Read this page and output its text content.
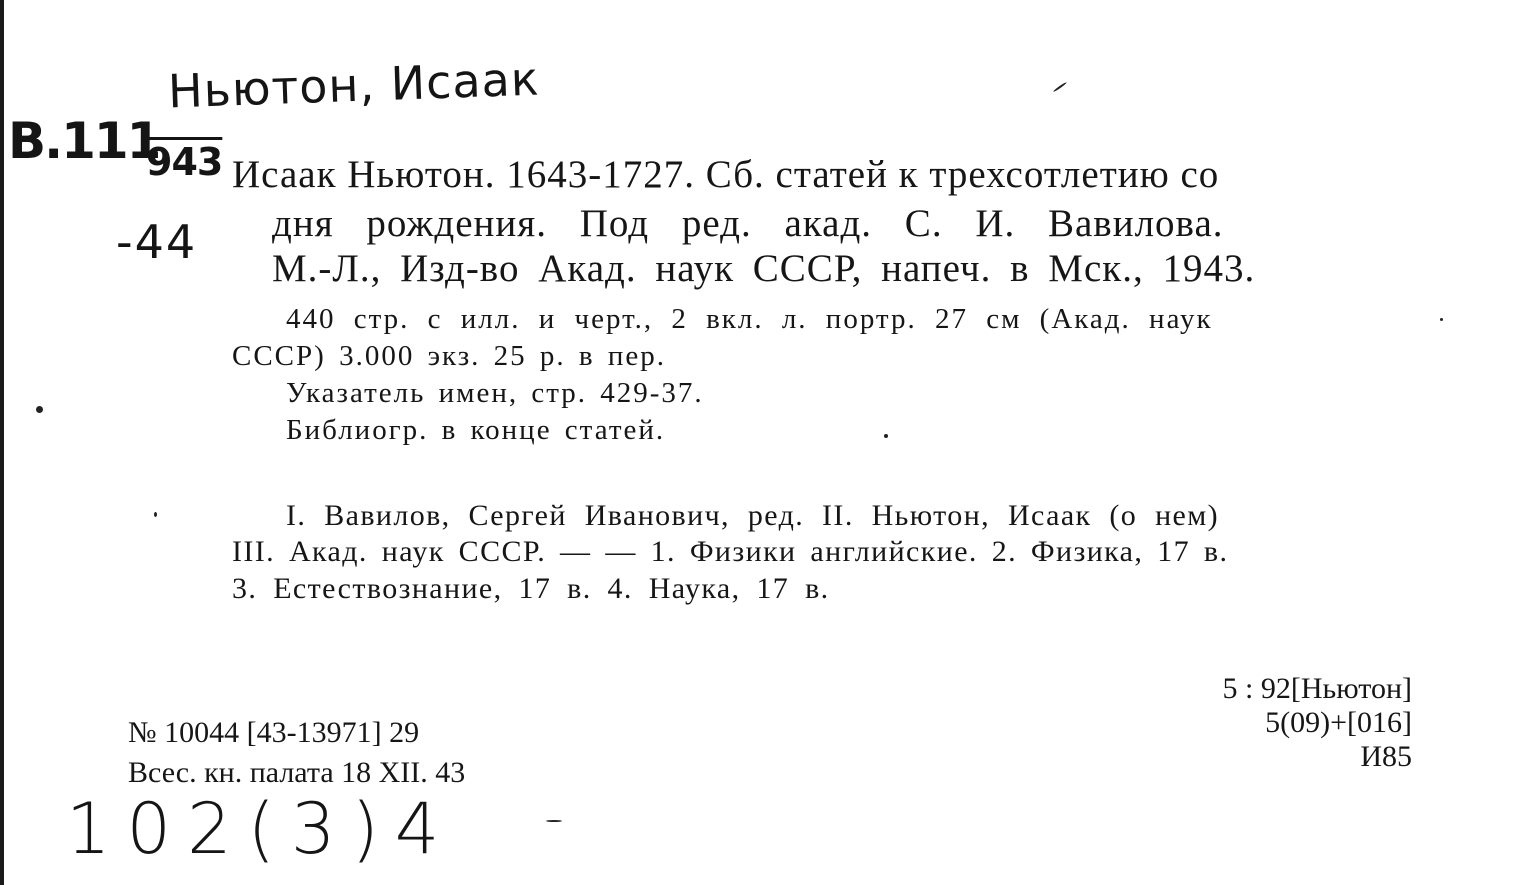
Ньютон, Исаак
В.111
943
-44
102(3)4
Исаак Ньютон. 1643-1727. Сб. статей к трехсотлетию со
дня рождения. Под ред. акад. С. И. Вавилова.
М.-Л., Изд-во Акад. наук СССР, напеч. в Мск., 1943.
440 стр. с илл. и черт., 2 вкл. л. портр. 27 см (Акад. наук
СССР) 3.000 экз. 25 р. в пер.
Указатель имен, стр. 429-37.
Библиогр. в конце статей.
I. Вавилов, Сергей Иванович, ред. II. Ньютон, Исаак (о нем)
III. Акад. наук СССР. — — 1. Физики английские. 2. Физика, 17 в.
3. Естествознание, 17 в. 4. Наука, 17 в.
№ 10044 [43-13971] 29
Всес. кн. палата 18 XII. 43
5 : 92[Ньютон]
5(09)+[016]
И85
